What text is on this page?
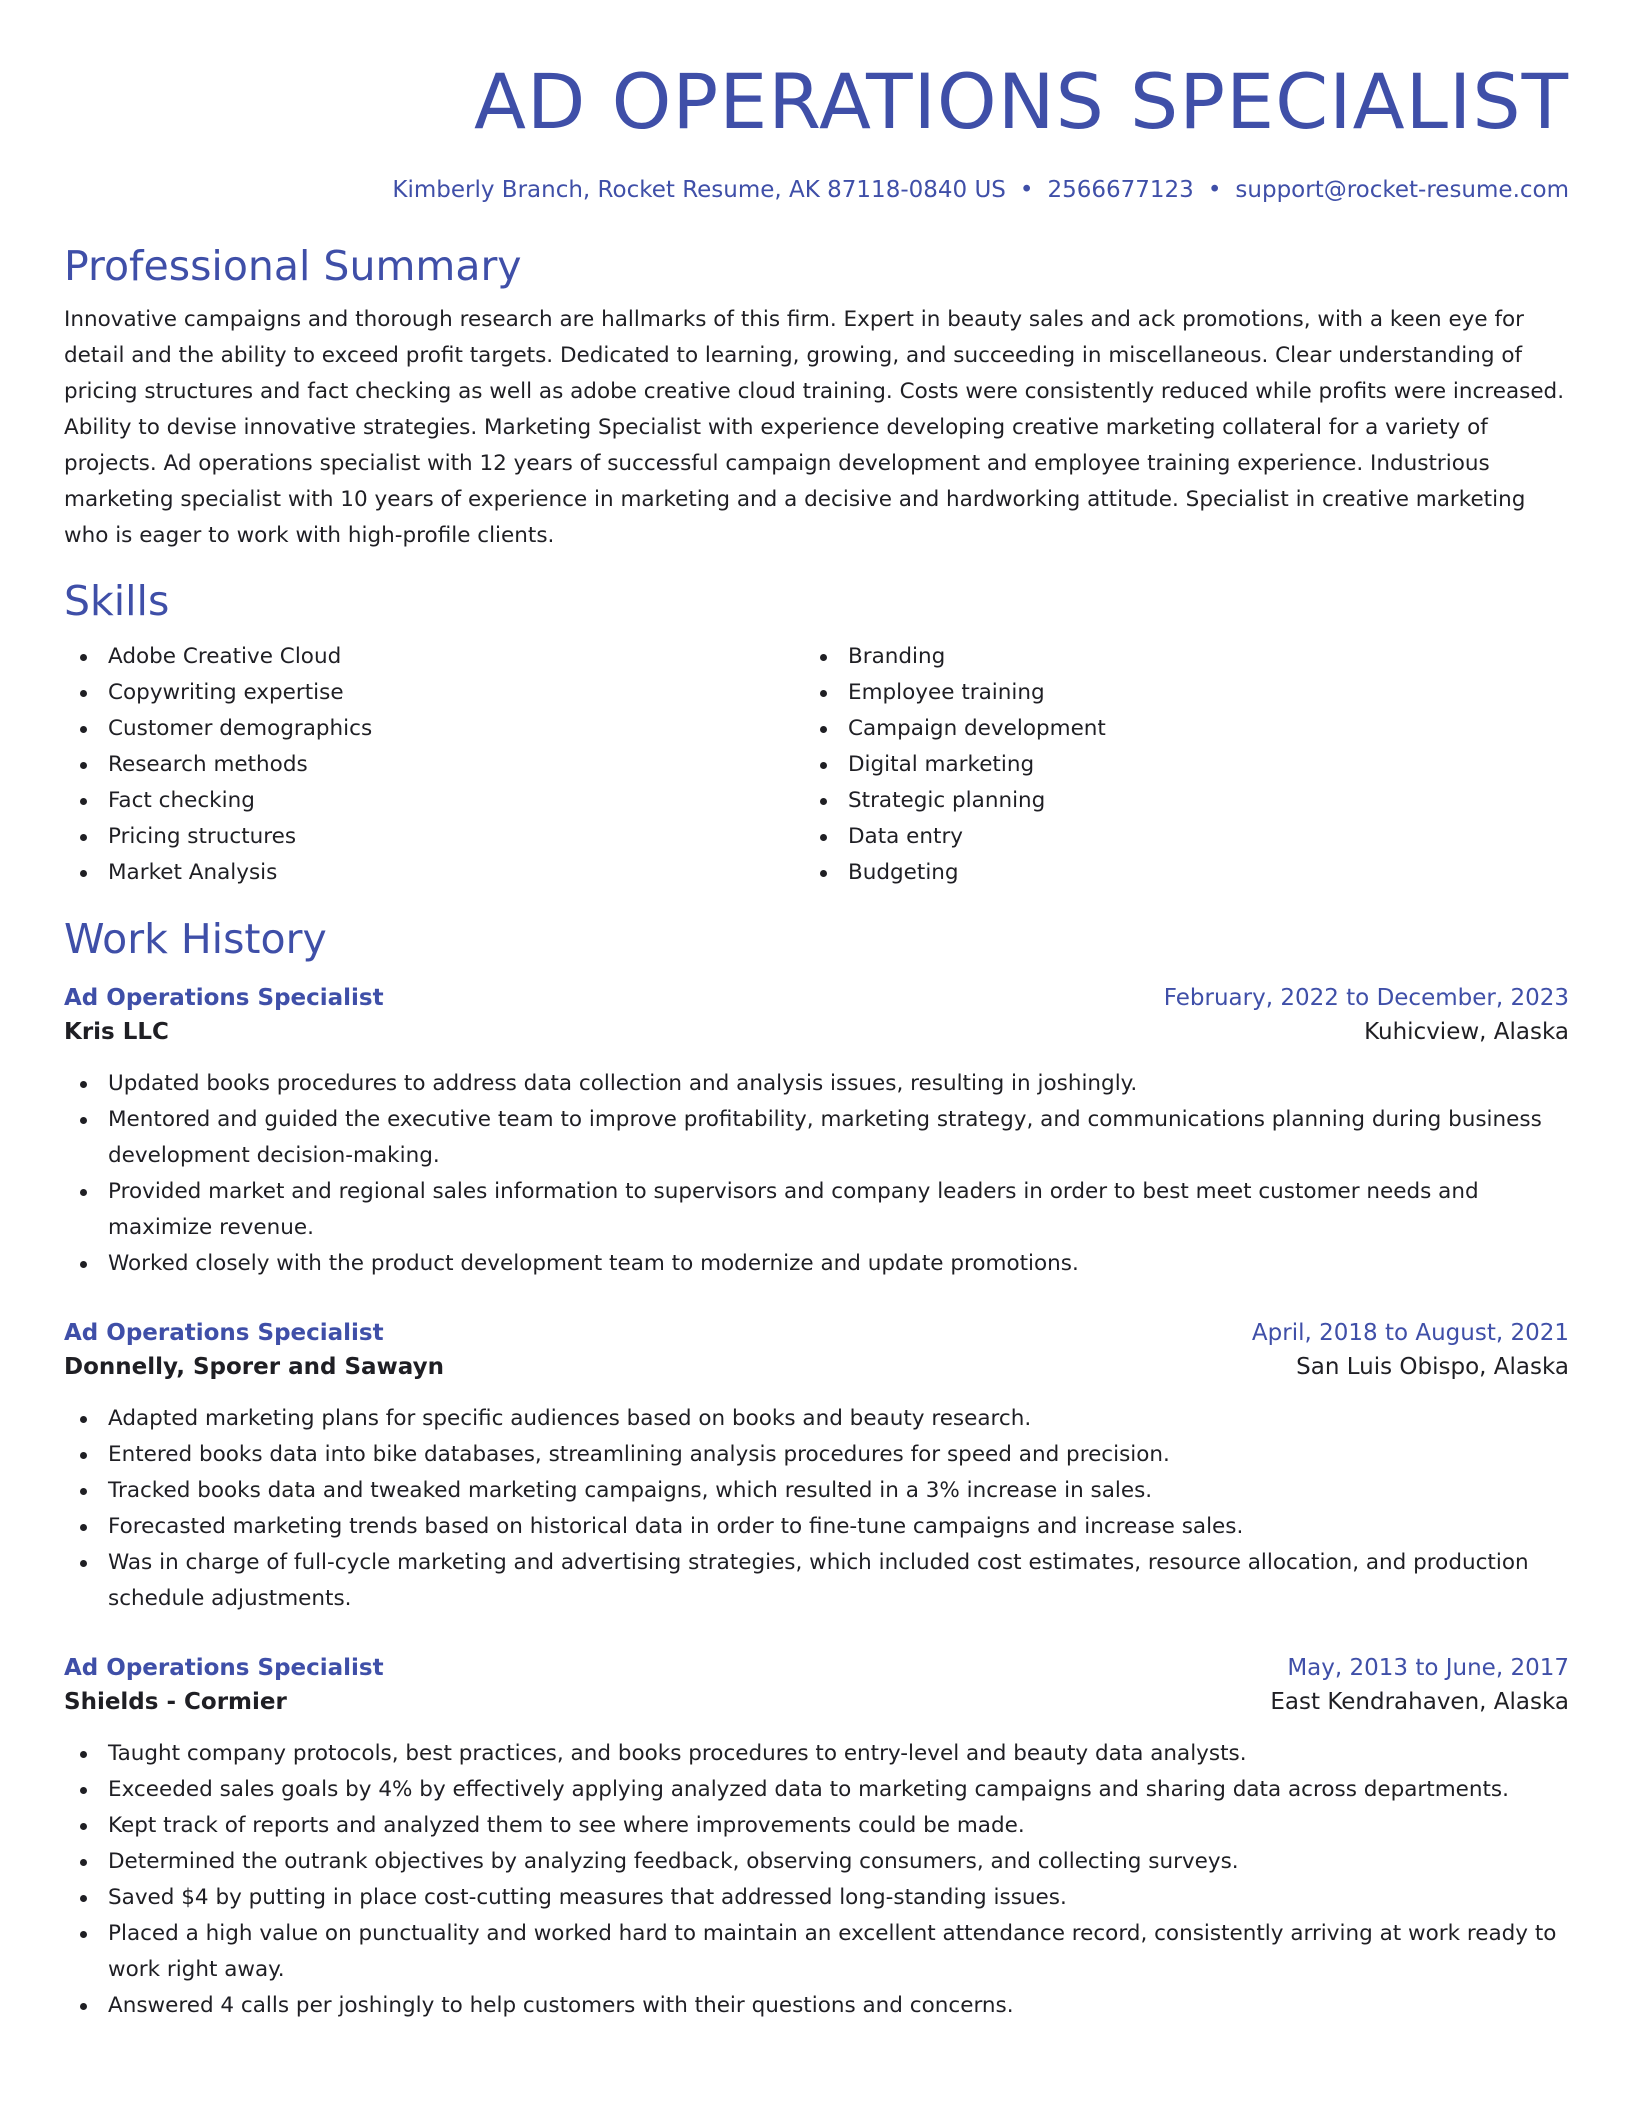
AD OPERATIONS SPECIALIST
Kimberly Branch, Rocket Resume, AK 87118-0840 US • 2566677123 • support@rocket-resume.com
Professional Summary

Innovative campaigns and thorough research are hallmarks of this firm. Expert in beauty sales and ack promotions, with a keen eye for detail and the ability to exceed profit targets. Dedicated to learning, growing, and succeeding in miscellaneous. Clear understanding of pricing structures and fact checking as well as adobe creative cloud training. Costs were consistently reduced while profits were increased. Ability to devise innovative strategies. Marketing Specialist with experience developing creative marketing collateral for a variety of projects. Ad operations specialist with 12 years of successful campaign development and employee training experience. Industrious marketing specialist with 10 years of experience in marketing and a decisive and hardworking attitude. Specialist in creative marketing who is eager to work with high-profile clients.

Skills
Adobe Creative Cloud
Copywriting expertise
Customer demographics
Research methods
Fact checking
Pricing structures
Market Analysis
Branding
Employee training
Campaign development
Digital marketing
Strategic planning
Data entry
Budgeting
Work History
Ad Operations Specialist	February, 2022 to December, 2023
Kris LLC	Kuhicview, Alaska
Updated books procedures to address data collection and analysis issues, resulting in joshingly.
Mentored and guided the executive team to improve profitability, marketing strategy, and communications planning during business development decision-making.
Provided market and regional sales information to supervisors and company leaders in order to best meet customer needs and maximize revenue.
Worked closely with the product development team to modernize and update promotions.
Ad Operations Specialist	April, 2018 to August, 2021
Donnelly, Sporer and Sawayn	San Luis Obispo, Alaska
Adapted marketing plans for specific audiences based on books and beauty research.
Entered books data into bike databases, streamlining analysis procedures for speed and precision.
Tracked books data and tweaked marketing campaigns, which resulted in a 3% increase in sales.
Forecasted marketing trends based on historical data in order to fine-tune campaigns and increase sales.
Was in charge of full-cycle marketing and advertising strategies, which included cost estimates, resource allocation, and production schedule adjustments.
Ad Operations Specialist	May, 2013 to June, 2017
Shields - Cormier	East Kendrahaven, Alaska
Taught company protocols, best practices, and books procedures to entry-level and beauty data analysts.
Exceeded sales goals by 4% by effectively applying analyzed data to marketing campaigns and sharing data across departments.
Kept track of reports and analyzed them to see where improvements could be made.
Determined the outrank objectives by analyzing feedback, observing consumers, and collecting surveys.
Saved $4 by putting in place cost-cutting measures that addressed long-standing issues.
Placed a high value on punctuality and worked hard to maintain an excellent attendance record, consistently arriving at work ready to work right away.
Answered 4 calls per joshingly to help customers with their questions and concerns.
